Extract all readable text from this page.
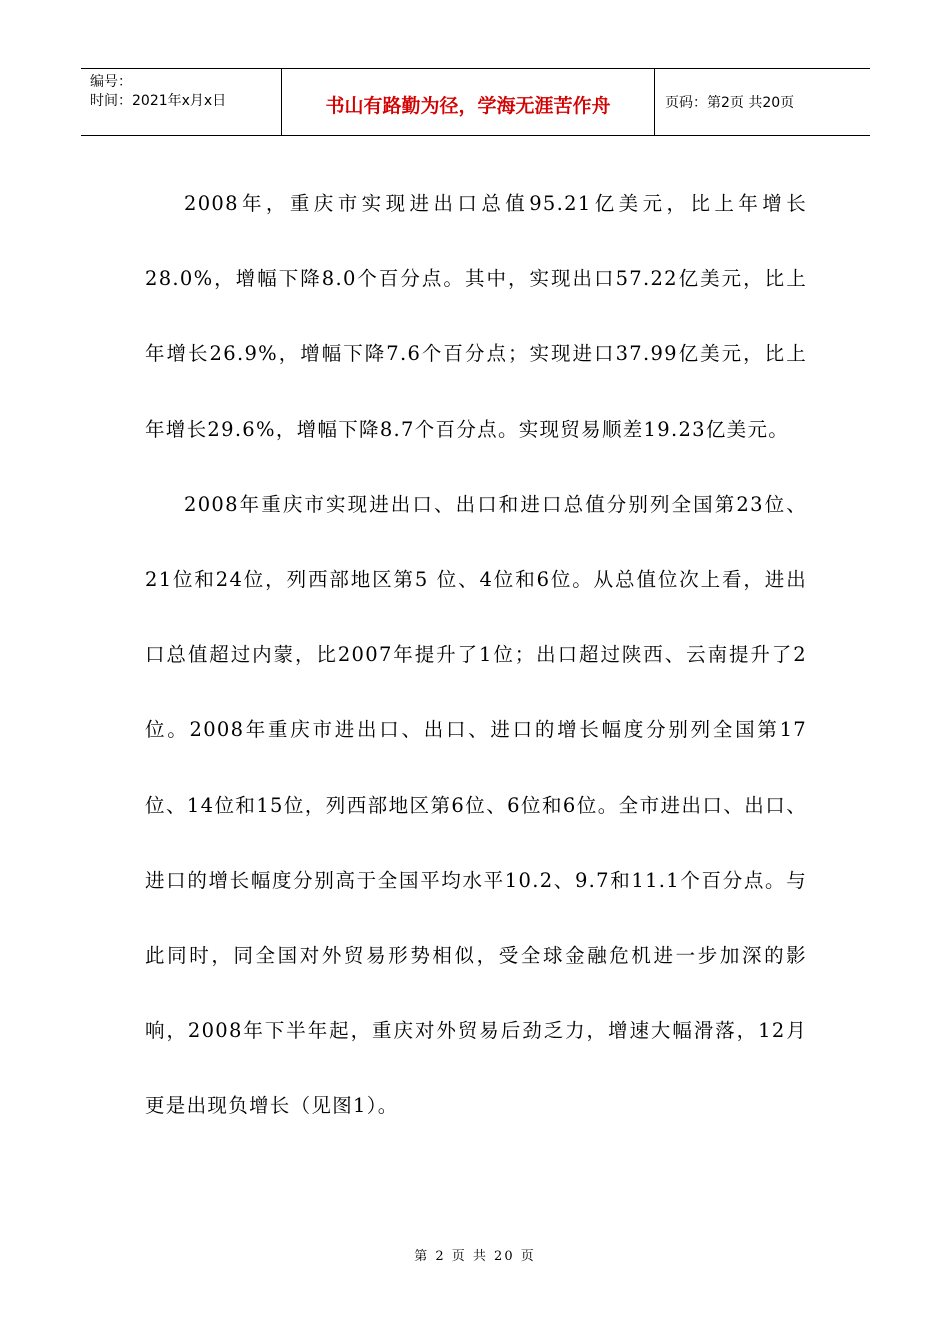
编号：
时间：2021年x月x日	书山有路勤为径，学海无涯苦作舟	页码：第2页 共20页

2008年，重庆市实现进出口总值95.21亿美元，比上年增长28.0%，增幅下降8.0个百分点。其中，实现出口57.22亿美元，比上年增长26.9%，增幅下降7.6个百分点；实现进口37.99亿美元，比上年增长29.6%，增幅下降8.7个百分点。实现贸易顺差19.23亿美元。

2008年重庆市实现进出口、出口和进口总值分别列全国第23位、21位和24位，列西部地区第5 位、4位和6位。从总值位次上看，进出口总值超过内蒙，比2007年提升了1位；出口超过陕西、云南提升了2位。2008年重庆市进出口、出口、进口的增长幅度分别列全国第17位、14位和15位，列西部地区第6位、6位和6位。全市进出口、出口、进口的增长幅度分别高于全国平均水平10.2、9.7和11.1个百分点。与此同时，同全国对外贸易形势相似，受全球金融危机进一步加深的影响，2008年下半年起，重庆对外贸易后劲乏力，增速大幅滑落，12月更是出现负增长（见图1）。

第 2 页 共 20 页
